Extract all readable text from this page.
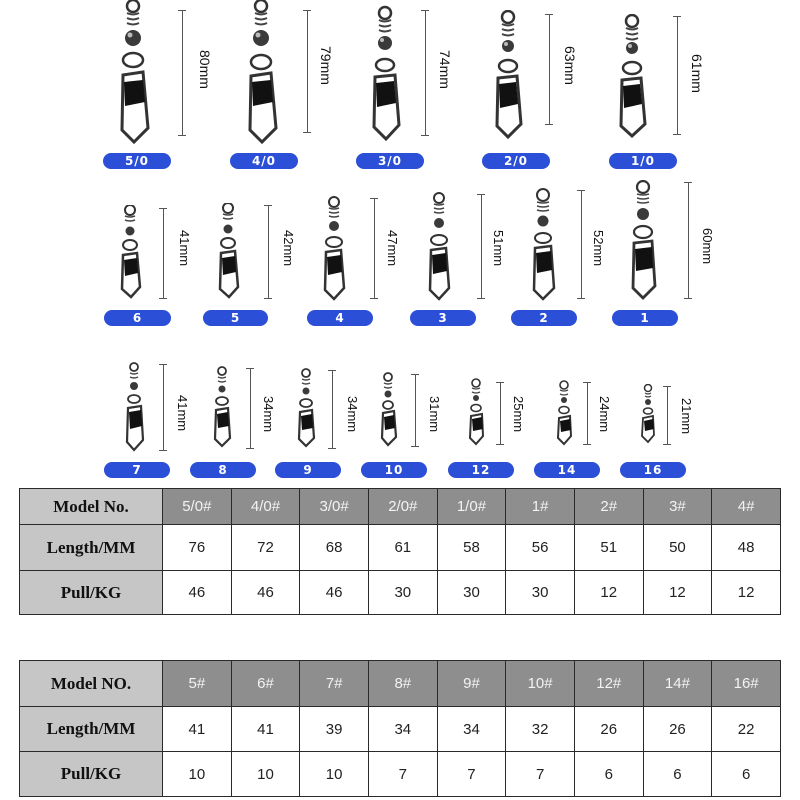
80mm
5/0
79mm
4/0
74mm
3/0
63mm
2/0
61mm
1/0
41mm
6
42mm
5
47mm
4
51mm
3
52mm
2
60mm
1
41mm
7
34mm
8
34mm
9
31mm
10
25mm
12
24mm
14
21mm
16
Model No.	5/0#	4/0#	3/0#	2/0#	1/0#	1#	2#	3#	4#
Length/MM	76	72	68	61	58	56	51	50	48
Pull/KG	46	46	46	30	30	30	12	12	12
Model NO.	5#	6#	7#	8#	9#	10#	12#	14#	16#
Length/MM	41	41	39	34	34	32	26	26	22
Pull/KG	10	10	10	7	7	7	6	6	6
